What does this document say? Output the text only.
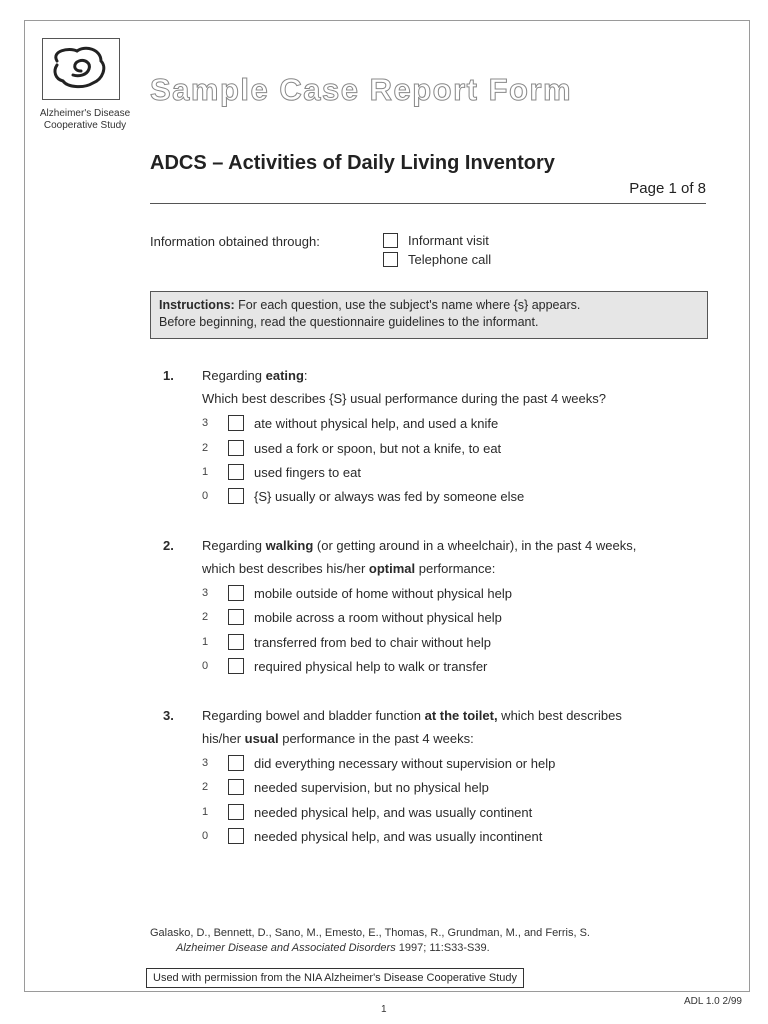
Alzheimer's Disease Cooperative Study
Sample Case Report Form
ADCS – Activities of Daily Living Inventory
Page 1 of 8
Information obtained through:	Informant visit
Telephone call
Instructions: For each question, use the subject's name where {s} appears.
Before beginning, read the questionnaire guidelines to the informant.
1. Regarding eating:
Which best describes {S} usual performance during the past 4 weeks?
3	ate without physical help, and used a knife
2	used a fork or spoon, but not a knife, to eat
1	used fingers to eat
0	{S} usually or always was fed by someone else
2. Regarding walking (or getting around in a wheelchair), in the past 4 weeks,
which best describes his/her optimal performance:
3	mobile outside of home without physical help
2	mobile across a room without physical help
1	transferred from bed to chair without help
0	required physical help to walk or transfer
3. Regarding bowel and bladder function at the toilet, which best describes
his/her usual performance in the past 4 weeks:
3	did everything necessary without supervision or help
2	needed supervision, but no physical help
1	needed physical help, and was usually continent
0	needed physical help, and was usually incontinent
Galasko, D., Bennett, D., Sano, M., Emesto, E., Thomas, R., Grundman, M., and Ferris, S.
Alzheimer Disease and Associated Disorders 1997; 11:S33-S39.
Used with permission from the NIA Alzheimer's Disease Cooperative Study
ADL 1.0 2/99
1
